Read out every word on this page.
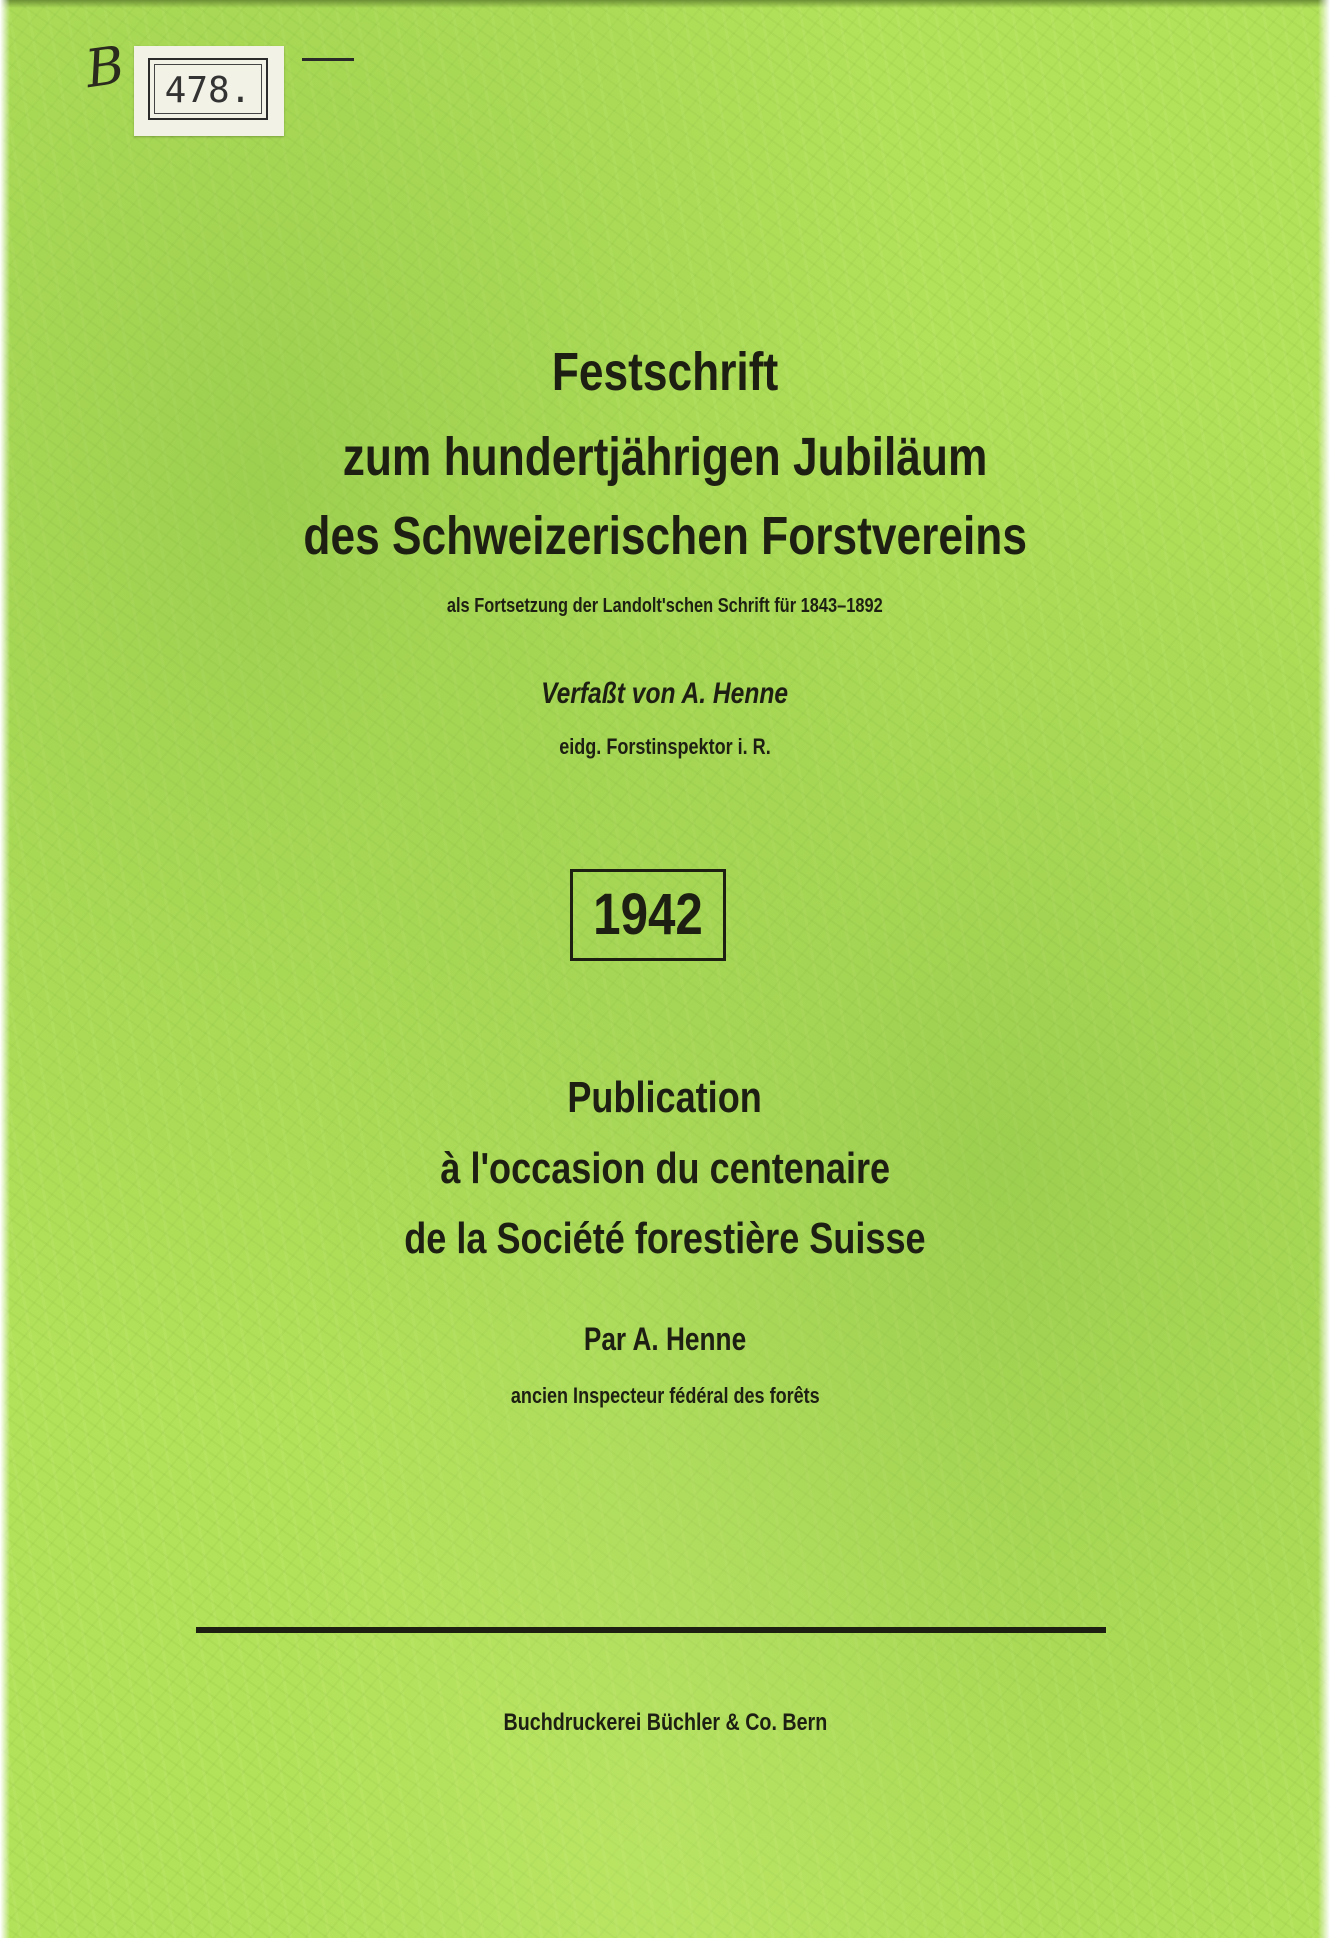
B	478.
Festschrift
zum hundertjährigen Jubiläum
des Schweizerischen Forstvereins
als Fortsetzung der Landolt'schen Schrift für 1843–1892
Verfaßt von A. Henne
eidg. Forstinspektor i. R.
1942
Publication
à l'occasion du centenaire
de la Société forestière Suisse
Par A. Henne
ancien Inspecteur fédéral des forêts
Buchdruckerei Büchler & Co. Bern
